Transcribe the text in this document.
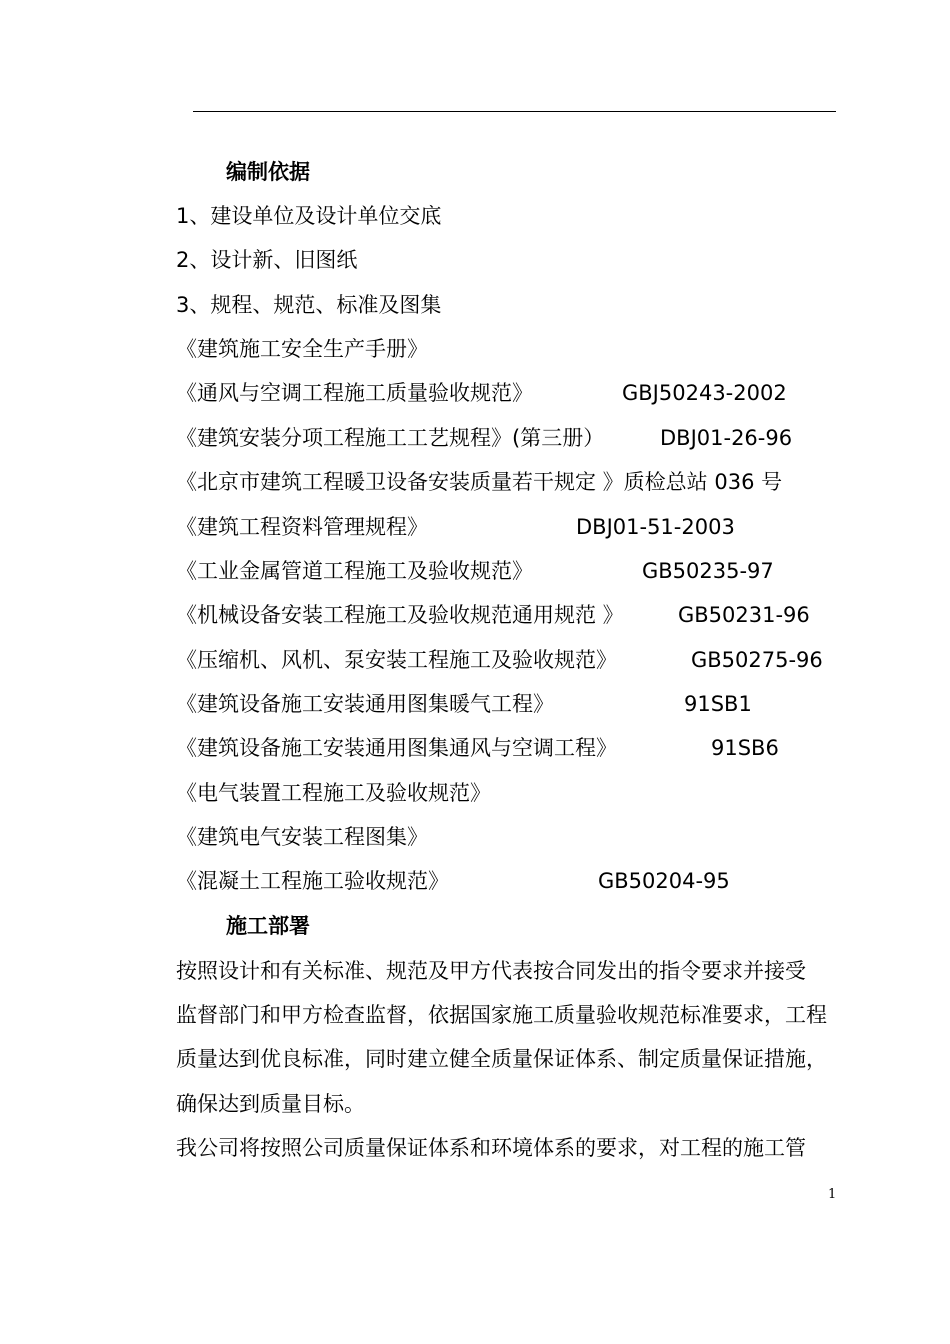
编制依据
1、建设单位及设计单位交底
2、设计新、旧图纸
3、规程、规范、标准及图集
《建筑施工安全生产手册》
《通风与空调工程施工质量验收规范》	GBJ50243-2002
《建筑安装分项工程施工工艺规程》(第三册）	DBJ01-26-96
《北京市建筑工程暖卫设备安装质量若干规定 》质检总站 036 号
《建筑工程资料管理规程》	DBJ01-51-2003
《工业金属管道工程施工及验收规范》	GB50235-97
《机械设备安装工程施工及验收规范通用规范 》	GB50231-96
《压缩机、风机、泵安装工程施工及验收规范》	GB50275-96
《建筑设备施工安装通用图集暖气工程》	91SB1
《建筑设备施工安装通用图集通风与空调工程》	91SB6
《电气装置工程施工及验收规范》
《建筑电气安装工程图集》
《混凝土工程施工验收规范》	GB50204-95
施工部署
按照设计和有关标准、规范及甲方代表按合同发出的指令要求并接受
监督部门和甲方检查监督，依据国家施工质量验收规范标准要求，工程
质量达到优良标准，同时建立健全质量保证体系、制定质量保证措施，
确保达到质量目标。
我公司将按照公司质量保证体系和环境体系的要求，对工程的施工管
1
